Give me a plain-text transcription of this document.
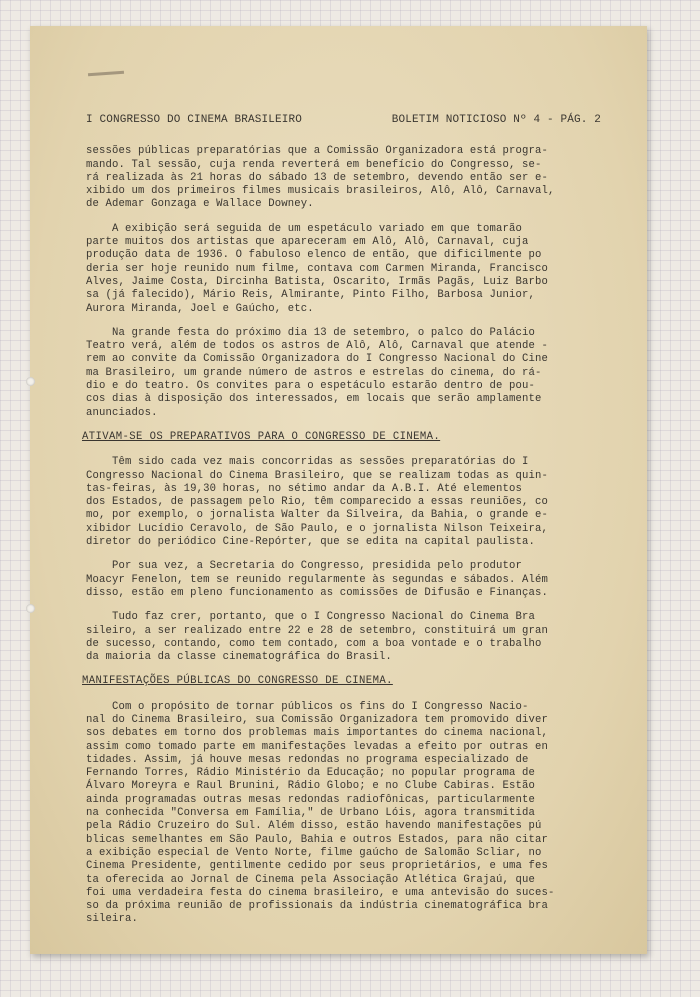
I CONGRESSO DO CINEMA BRASILEIRO	BOLETIM NOTICIOSO Nº 4 - PÁG. 2
sessões públicas preparatórias que a Comissão Organizadora está progra-
mando. Tal sessão, cuja renda reverterá em benefício do Congresso, se-
rá realizada às 21 horas do sábado 13 de setembro, devendo então ser e-
xibido um dos primeiros filmes musicais brasileiros, Alô, Alô, Carnaval,
de Ademar Gonzaga e Wallace Downey.
A exibição será seguida de um espetáculo variado em que tomarão
parte muitos dos artistas que apareceram em Alô, Alô, Carnaval, cuja
produção data de 1936. O fabuloso elenco de então, que dificilmente po
deria ser hoje reunido num filme, contava com Carmen Miranda, Francisco
Alves, Jaime Costa, Dircinha Batista, Oscarito, Irmãs Pagãs, Luiz Barbo
sa (já falecido), Mário Reis, Almirante, Pinto Filho, Barbosa Junior,
Aurora Miranda, Joel e Gaúcho, etc.
Na grande festa do próximo dia 13 de setembro, o palco do Palácio
Teatro verá, além de todos os astros de Alô, Alô, Carnaval que atende -
rem ao convite da Comissão Organizadora do I Congresso Nacional do Cine
ma Brasileiro, um grande número de astros e estrelas do cinema, do rá-
dio e do teatro. Os convites para o espetáculo estarão dentro de pou-
cos dias à disposição dos interessados, em locais que serão amplamente
anunciados.
ATIVAM-SE OS PREPARATIVOS PARA O CONGRESSO DE CINEMA.
Têm sido cada vez mais concorridas as sessões preparatórias do I
Congresso Nacional do Cinema Brasileiro, que se realizam todas as quin-
tas-feiras, às 19,30 horas, no sétimo andar da A.B.I. Até elementos
dos Estados, de passagem pelo Rio, têm comparecido a essas reuniões, co
mo, por exemplo, o jornalista Walter da Silveira, da Bahia, o grande e-
xibidor Lucídio Ceravolo, de São Paulo, e o jornalista Nilson Teixeira,
diretor do periódico Cine-Repórter, que se edita na capital paulista.
Por sua vez, a Secretaria do Congresso, presidida pelo produtor
Moacyr Fenelon, tem se reunido regularmente às segundas e sábados. Além
disso, estão em pleno funcionamento as comissões de Difusão e Finanças.
Tudo faz crer, portanto, que o I Congresso Nacional do Cinema Bra
sileiro, a ser realizado entre 22 e 28 de setembro, constituirá um gran
de sucesso, contando, como tem contado, com a boa vontade e o trabalho
da maioria da classe cinematográfica do Brasil.
MANIFESTAÇÕES PÚBLICAS DO CONGRESSO DE CINEMA.
Com o propósito de tornar públicos os fins do I Congresso Nacio-
nal do Cinema Brasileiro, sua Comissão Organizadora tem promovido diver
sos debates em torno dos problemas mais importantes do cinema nacional,
assim como tomado parte em manifestações levadas a efeito por outras en
tidades. Assim, já houve mesas redondas no programa especializado de
Fernando Torres, Rádio Ministério da Educação; no popular programa de
Álvaro Moreyra e Raul Brunini, Rádio Globo; e no Clube Cabiras. Estão
ainda programadas outras mesas redondas radiofônicas, particularmente
na conhecida "Conversa em Família," de Urbano Lóis, agora transmitida
pela Rádio Cruzeiro do Sul. Além disso, estão havendo manifestações pú
blicas semelhantes em São Paulo, Bahia e outros Estados, para não citar
a exibição especial de Vento Norte, filme gaúcho de Salomão Scliar, no
Cinema Presidente, gentilmente cedido por seus proprietários, e uma fes
ta oferecida ao Jornal de Cinema pela Associação Atlética Grajaú, que
foi uma verdadeira festa do cinema brasileiro, e uma antevisão do suces-
so da próxima reunião de profissionais da indústria cinematográfica bra
sileira.
